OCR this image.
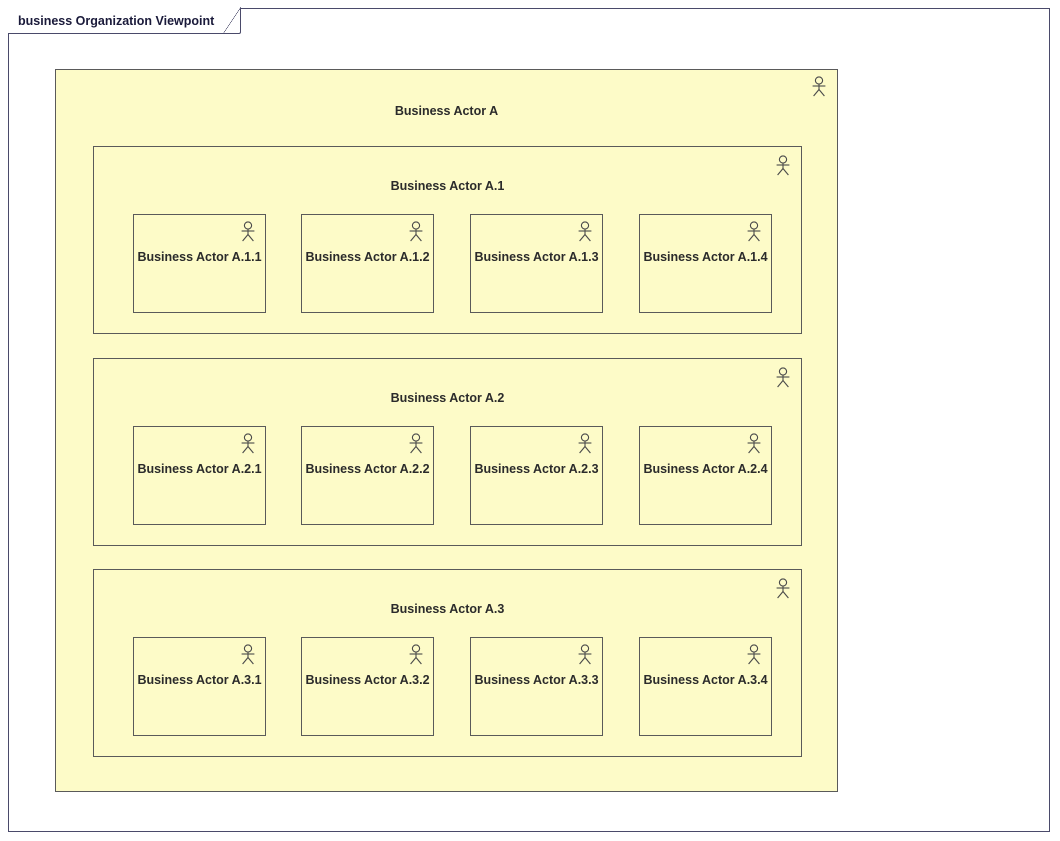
Business Actor A
Business Actor A.1
Business Actor A.1.1	Business Actor A.1.2	Business Actor A.1.3	Business Actor A.1.4
Business Actor A.2
Business Actor A.2.1	Business Actor A.2.2	Business Actor A.2.3	Business Actor A.2.4
Business Actor A.3
Business Actor A.3.1	Business Actor A.3.2	Business Actor A.3.3	Business Actor A.3.4
business Organization Viewpoint
